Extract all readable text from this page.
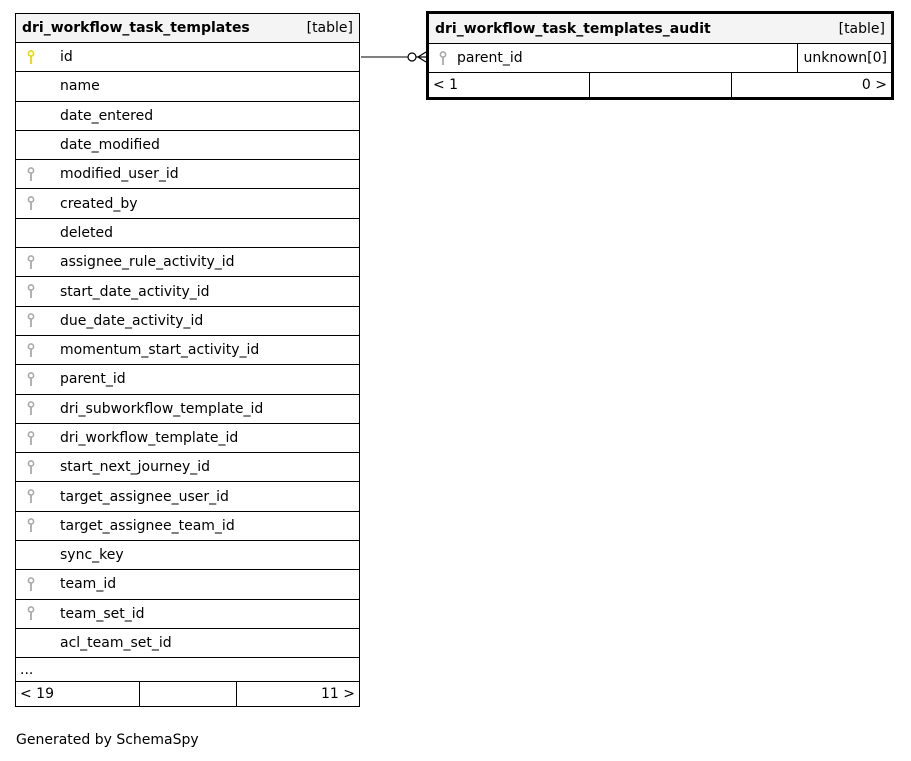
dri_workflow_task_templates	[table]
id
name
date_entered
date_modified
modified_user_id
created_by
deleted
assignee_rule_activity_id
start_date_activity_id
due_date_activity_id
momentum_start_activity_id
parent_id
dri_subworkflow_template_id
dri_workflow_template_id
start_next_journey_id
target_assignee_user_id
target_assignee_team_id
sync_key
team_id
team_set_id
acl_team_set_id
...
< 19	11 >
dri_workflow_task_templates_audit	[table]
parent_id	unknown[0]
< 1	0 >
Generated by SchemaSpy
